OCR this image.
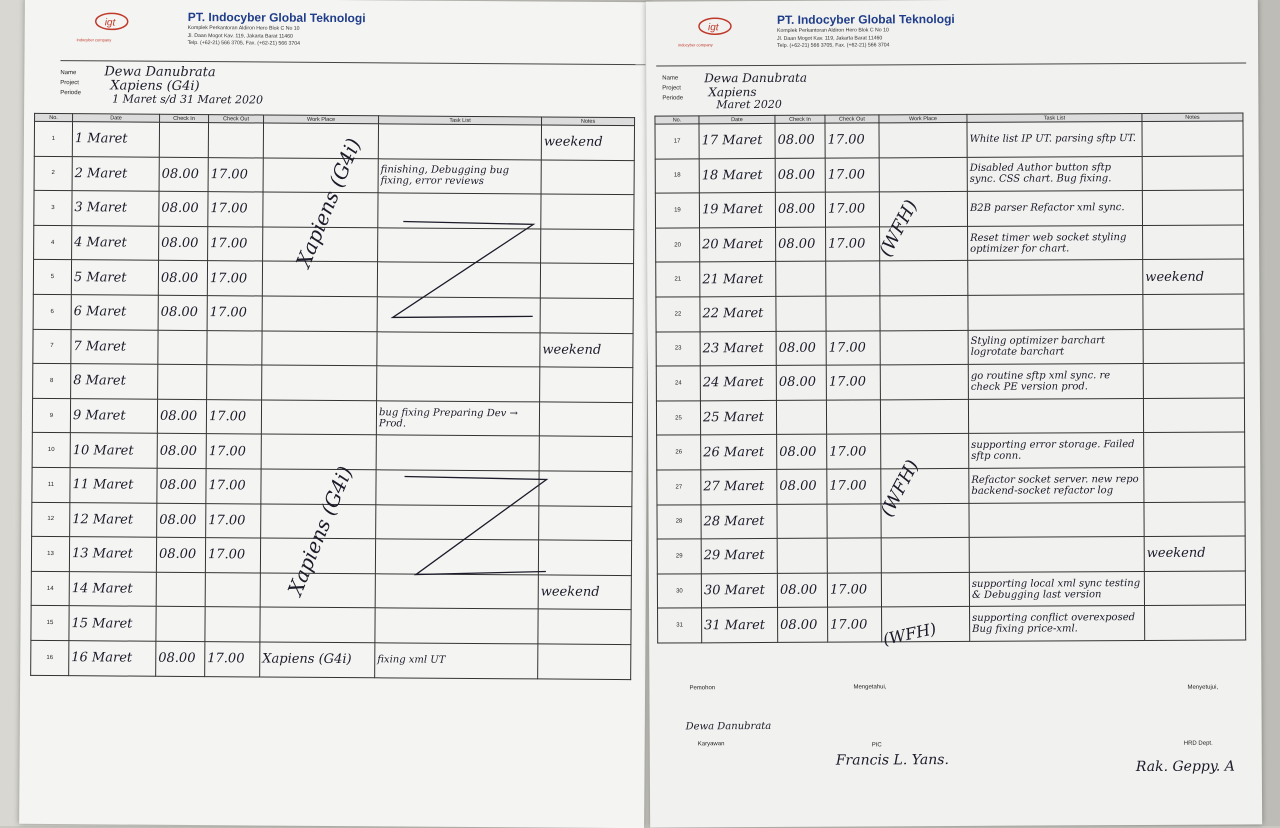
igt
indocyber company
PT. Indocyber Global Teknologi
Komplek Perkantoran Aldiron Hero Blok C No 10
Jl. Daan Mogot Kav. 119, Jakarta Barat 11460
Telp. (+62-21) 566 3705, Fax. (+62-21) 566 3704
Name
Project
Periode
Dewa Danubrata
Xapiens (G4i)
1 Maret s/d 31 Maret 2020
No.	Date	Check In	Check Out	Work Place	Task List	Notes
1	1 Maret					weekend
2	2 Maret	08.00	17.00		finishing, Debugging bug fixing, error reviews	
3	3 Maret	08.00	17.00			
4	4 Maret	08.00	17.00			
5	5 Maret	08.00	17.00			
6	6 Maret	08.00	17.00			
7	7 Maret					weekend
8	8 Maret					
9	9 Maret	08.00	17.00		bug fixing Preparing Dev → Prod.	
10	10 Maret	08.00	17.00			
11	11 Maret	08.00	17.00			
12	12 Maret	08.00	17.00			
13	13 Maret	08.00	17.00			
14	14 Maret					weekend
15	15 Maret					
16	16 Maret	08.00	17.00	Xapiens (G4i)	fixing xml UT	
Xapiens (G4i)
Xapiens (G4i)
igt
indocyber company
PT. Indocyber Global Teknologi
Komplek Perkantoran Aldiron Hero Blok C No 10
Jl. Daan Mogot Kav. 119, Jakarta Barat 11460
Telp. (+62-21) 566 3705, Fax. (+62-21) 566 3704
Name
Project
Periode
Dewa Danubrata
Xapiens
Maret 2020
No.	Date	Check In	Check Out	Work Place	Task List	Notes
17	17 Maret	08.00	17.00		White list IP UT. parsing sftp UT.	
18	18 Maret	08.00	17.00		Disabled Author button sftp sync. CSS chart. Bug fixing.	
19	19 Maret	08.00	17.00		B2B parser Refactor xml sync.	
20	20 Maret	08.00	17.00		Reset timer web socket styling optimizer for chart.	
21	21 Maret					weekend
22	22 Maret					
23	23 Maret	08.00	17.00		Styling optimizer barchart logrotate barchart	
24	24 Maret	08.00	17.00		go routine sftp xml sync. re check PE version prod.	
25	25 Maret					
26	26 Maret	08.00	17.00		supporting error storage. Failed sftp conn.	
27	27 Maret	08.00	17.00		Refactor socket server. new repo backend-socket refactor log	
28	28 Maret					
29	29 Maret					weekend
30	30 Maret	08.00	17.00		supporting local xml sync testing & Debugging last version	
31	31 Maret	08.00	17.00		supporting conflict overexposed Bug fixing price-xml.	
(WFH)
(WFH)
(WFH)
Pemohon
Dewa Danubrata
Karyawan
Mengetahui,
Francis L. Yans.
PIC
Menyetujui,
HRD Dept.
Rak. Geppy. A
